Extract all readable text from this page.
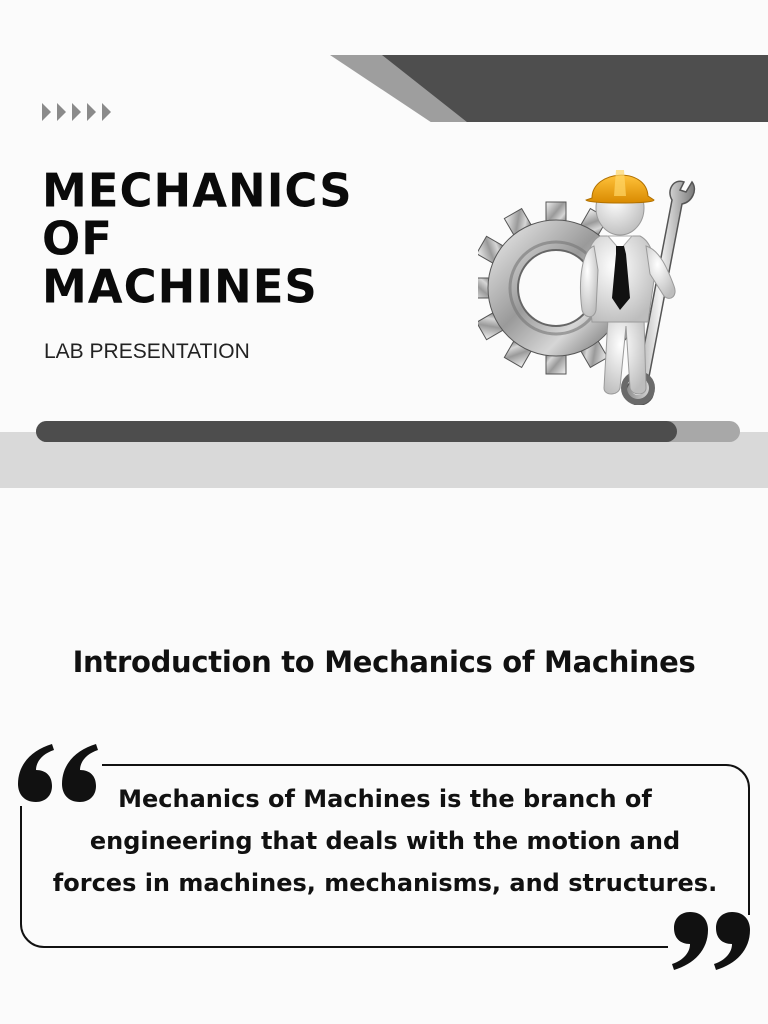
MECHANICS
OF
MACHINES
LAB PRESENTATION
Introduction to Mechanics of Machines

Mechanics of Machines is the branch of engineering that deals with the motion and forces in machines, mechanisms, and structures.
